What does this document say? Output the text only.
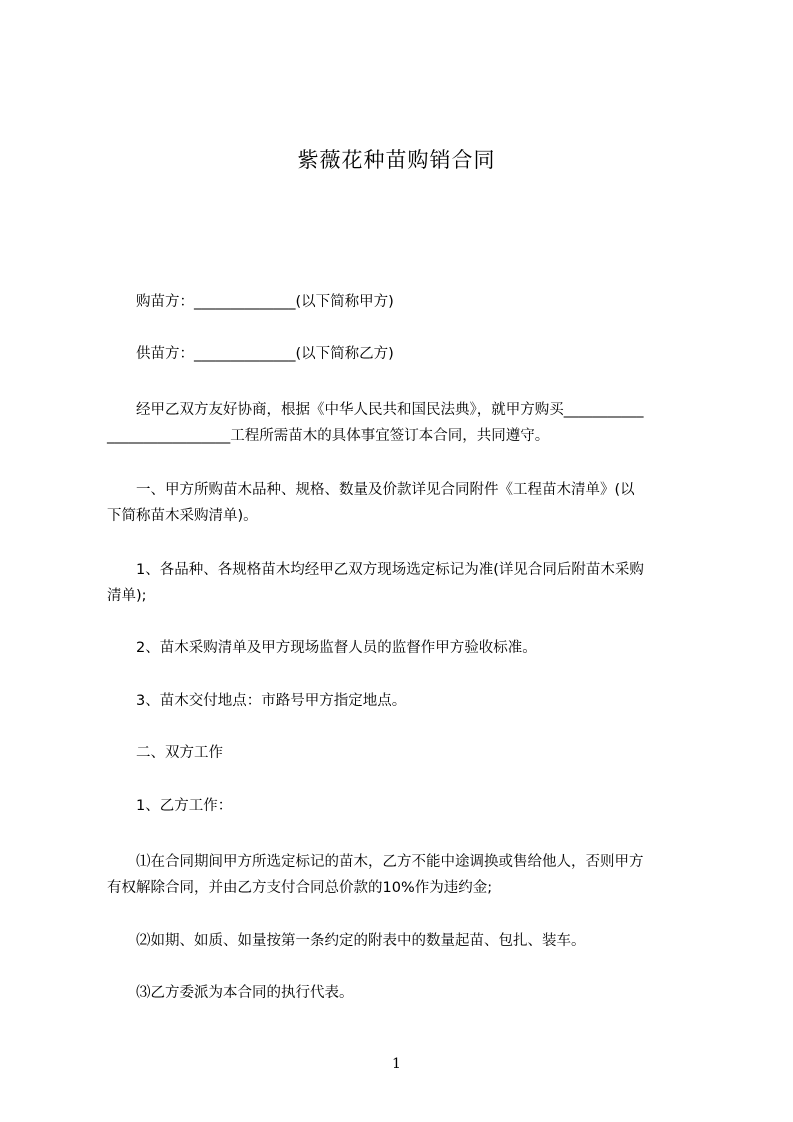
紫薇花种苗购销合同
　　购苗方：______________(以下简称甲方)
　　供苗方：______________(以下简称乙方)
　　经甲乙双方友好协商，根据《中华人民共和国民法典》，就甲方购买___________
_________________工程所需苗木的具体事宜签订本合同，共同遵守。
　　一、甲方所购苗木品种、规格、数量及价款详见合同附件《工程苗木清单》(以
下简称苗木采购清单)。
　　1、各品种、各规格苗木均经甲乙双方现场选定标记为准(详见合同后附苗木采购
清单);
　　2、苗木采购清单及甲方现场监督人员的监督作甲方验收标准。
　　3、苗木交付地点：市路号甲方指定地点。
　　二、双方工作
　　1、乙方工作：
　　⑴在合同期间甲方所选定标记的苗木，乙方不能中途调换或售给他人，否则甲方
有权解除合同，并由乙方支付合同总价款的10%作为违约金;
　　⑵如期、如质、如量按第一条约定的附表中的数量起苗、包扎、装车。
　　⑶乙方委派为本合同的执行代表。
1
